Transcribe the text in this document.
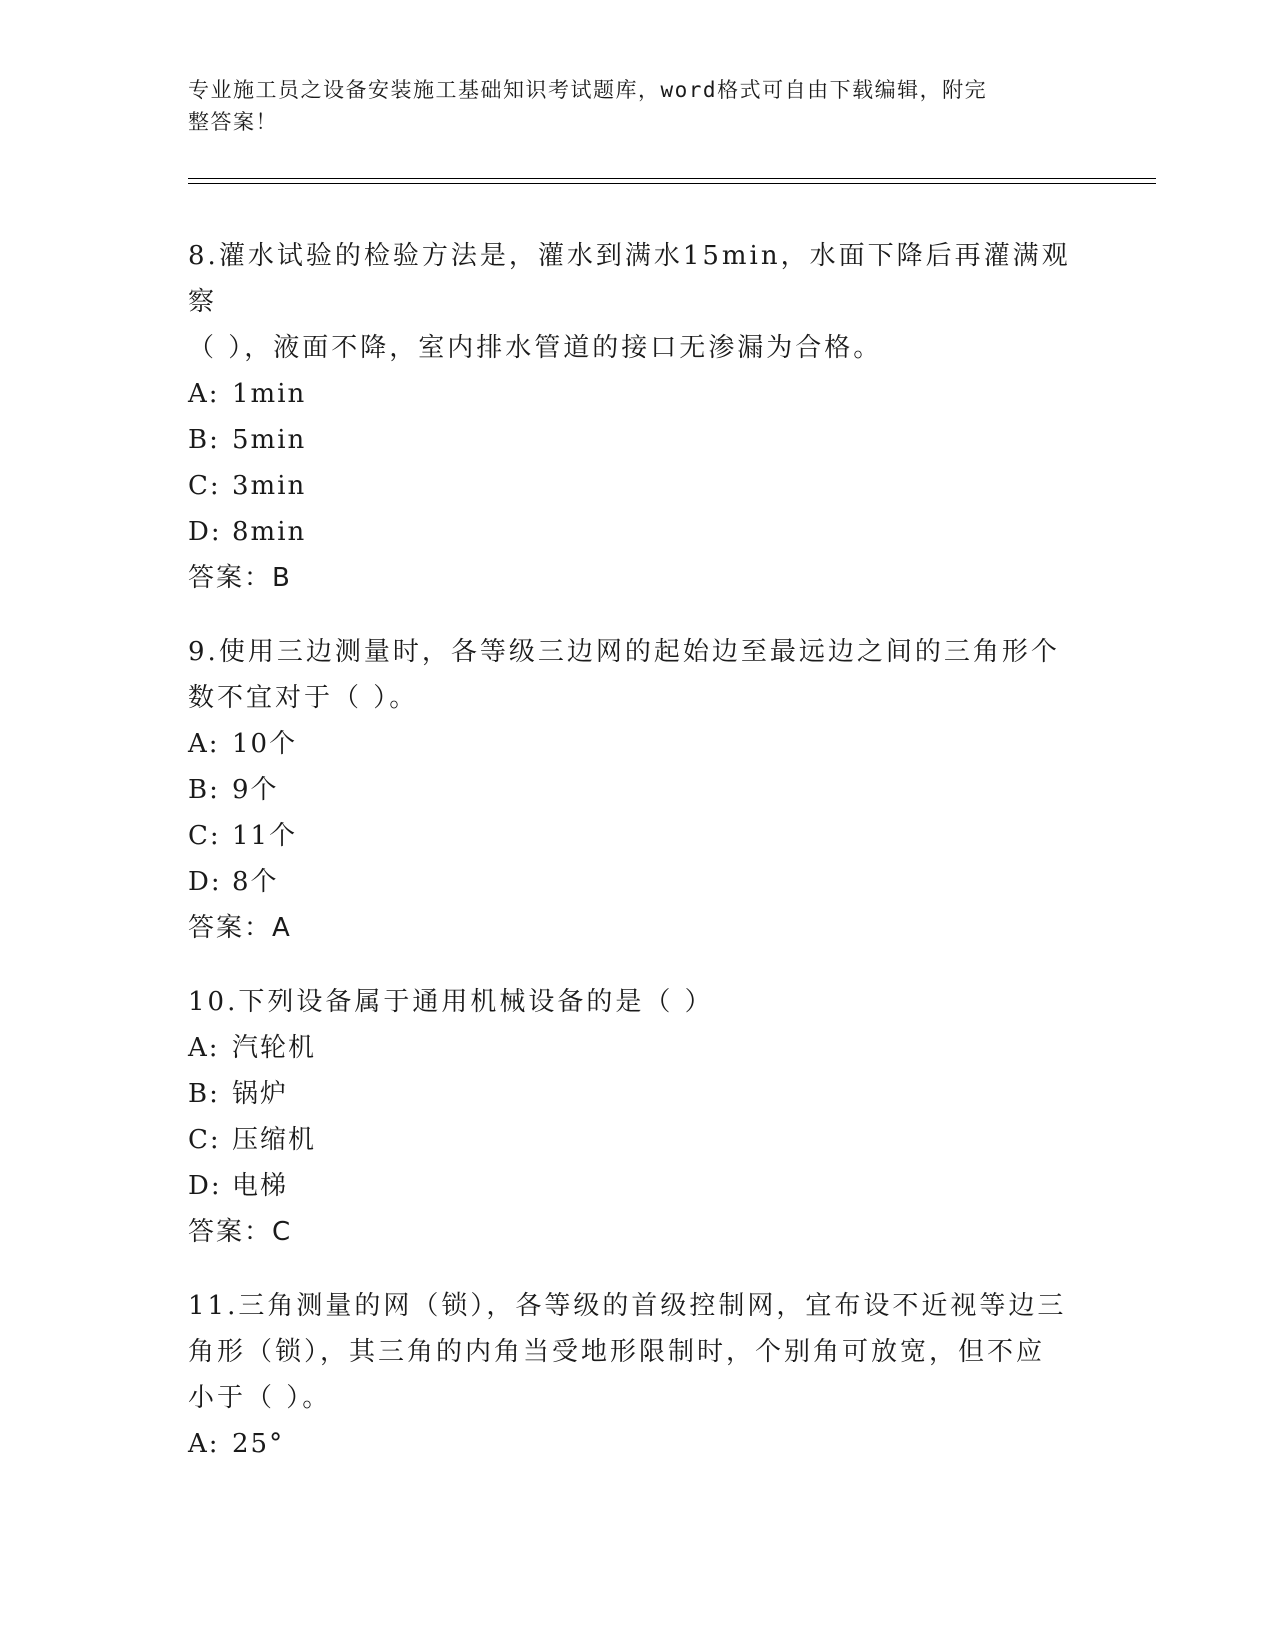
专业施工员之设备安装施工基础知识考试题库，word格式可自由下载编辑，附完
整答案！

8.灌水试验的检验方法是，灌水到满水15min，水面下降后再灌满观察

（ ），液面不降，室内排水管道的接口无渗漏为合格。

A: 1min

B: 5min

C: 3min

D: 8min

答案：B

9.使用三边测量时，各等级三边网的起始边至最远边之间的三角形个

数不宜对于（ ）。

A: 10个

B: 9个

C: 11个

D: 8个

答案：A

10.下列设备属于通用机械设备的是（ ）

A: 汽轮机

B: 锅炉

C: 压缩机

D: 电梯

答案：C

11.三角测量的网（锁），各等级的首级控制网，宜布设不近视等边三

角形（锁），其三角的内角当受地形限制时，个别角可放宽，但不应

小于（ ）。

A: 25°
